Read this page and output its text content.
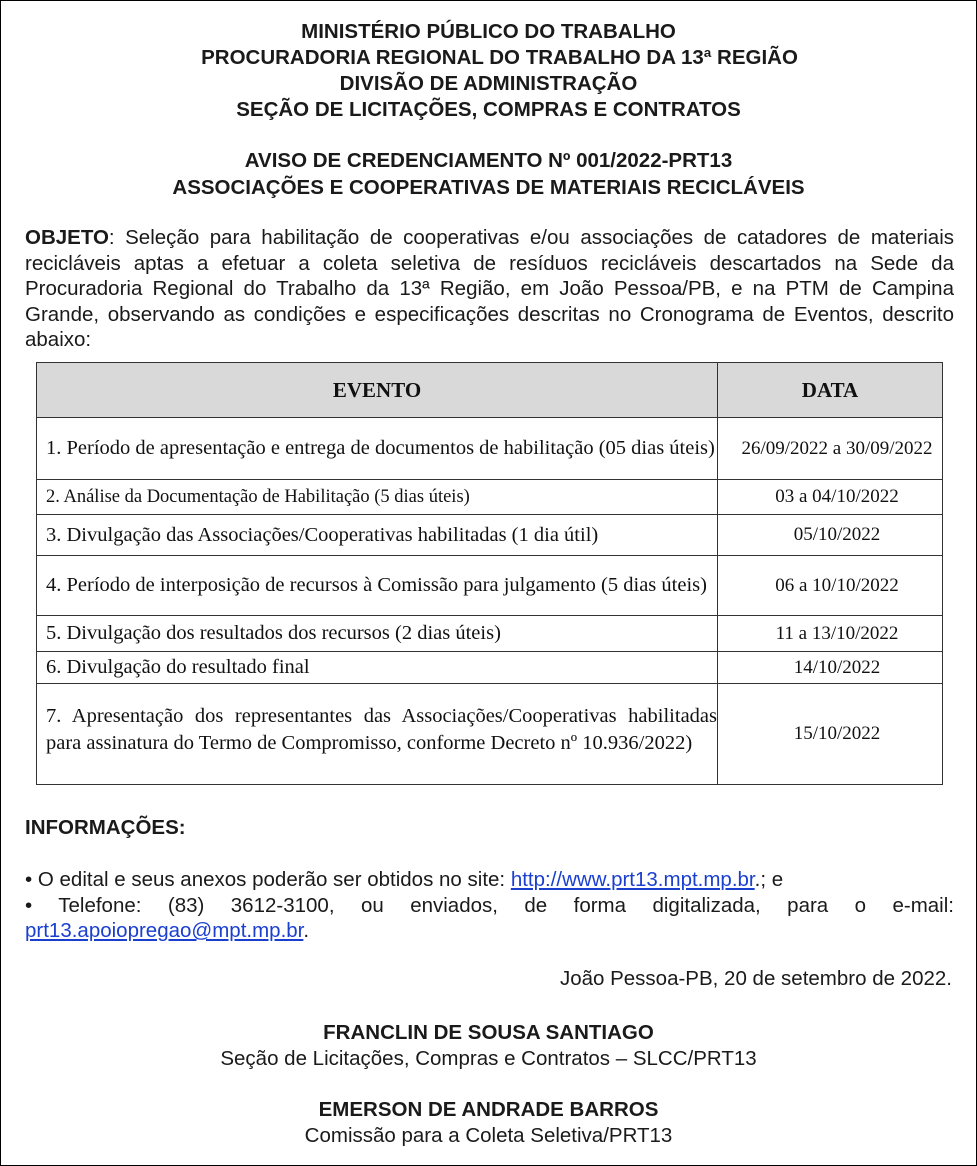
MINISTÉRIO PÚBLICO DO TRABALHO
PROCURADORIA REGIONAL DO TRABALHO DA 13ª REGIÃO
DIVISÃO DE ADMINISTRAÇÃO
SEÇÃO DE LICITAÇÕES, COMPRAS E CONTRATOS
AVISO DE CREDENCIAMENTO Nº 001/2022-PRT13
ASSOCIAÇÕES E COOPERATIVAS DE MATERIAIS RECICLÁVEIS

OBJETO: Seleção para habilitação de cooperativas e/ou associações de catadores de materiais recicláveis aptas a efetuar a coleta seletiva de resíduos recicláveis descartados na Sede da Procuradoria Regional do Trabalho da 13ª Região, em João Pessoa/PB, e na PTM de Campina Grande, observando as condições e especificações descritas no Cronograma de Eventos, descrito abaixo:

EVENTO	DATA
1. Período de apresentação e entrega de documentos de habilitação (05 dias úteis)	26/09/2022 a 30/09/2022
2. Análise da Documentação de Habilitação (5 dias úteis)	03 a 04/10/2022
3. Divulgação das Associações/Cooperativas habilitadas (1 dia útil)	05/10/2022
4. Período de interposição de recursos à Comissão para julgamento (5 dias úteis)	06 a 10/10/2022
5. Divulgação dos resultados dos recursos (2 dias úteis)	11 a 13/10/2022
6. Divulgação do resultado final	14/10/2022
7. Apresentação dos representantes das Associações/Cooperativas habilitadas para assinatura do Termo de Compromisso, conforme Decreto nº 10.936/2022)	15/10/2022
INFORMAÇÕES:

• O edital e seus anexos poderão ser obtidos no site: http://www.prt13.mpt.mp.br.; e

• Telefone: (83) 3612-3100, ou enviados, de forma digitalizada, para o e-mail: prt13.apoiopregao@mpt.mp.br.

João Pessoa-PB, 20 de setembro de 2022.
FRANCLIN DE SOUSA SANTIAGO
Seção de Licitações, Compras e Contratos – SLCC/PRT13
EMERSON DE ANDRADE BARROS
Comissão para a Coleta Seletiva/PRT13
